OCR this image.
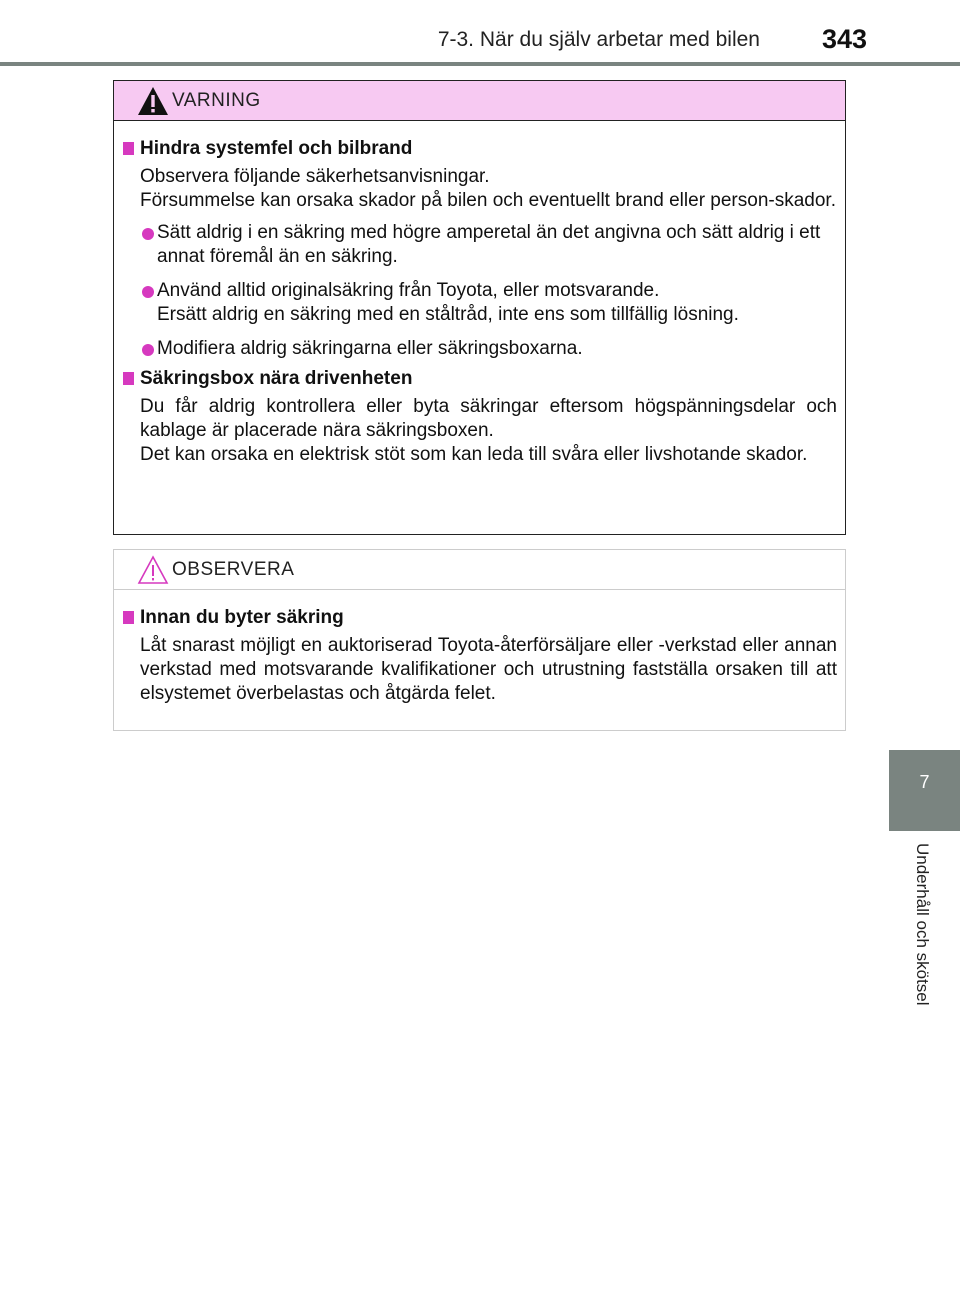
7-3. När du själv arbetar med bilen 343
7
Underhåll och skötsel
VARNING
Hindra systemfel och bilbrand
Observera följande säkerhetsanvisningar.
Försummelse kan orsaka skador på bilen och eventuellt brand eller person-skador.
Sätt aldrig i en säkring med högre amperetal än det angivna och sätt aldrig i ett annat föremål än en säkring.
Använd alltid originalsäkring från Toyota, eller motsvarande.
Ersätt aldrig en säkring med en ståltråd, inte ens som tillfällig lösning.
Modifiera aldrig säkringarna eller säkringsboxarna.
Säkringsbox nära drivenheten
Du får aldrig kontrollera eller byta säkringar eftersom högspänningsdelar och kablage är placerade nära säkringsboxen.
Det kan orsaka en elektrisk stöt som kan leda till svåra eller livshotande skador.
OBSERVERA
Innan du byter säkring
Låt snarast möjligt en auktoriserad Toyota-återförsäljare eller -verkstad eller annan verkstad med motsvarande kvalifikationer och utrustning fastställa orsaken till att elsystemet överbelastas och åtgärda felet.
